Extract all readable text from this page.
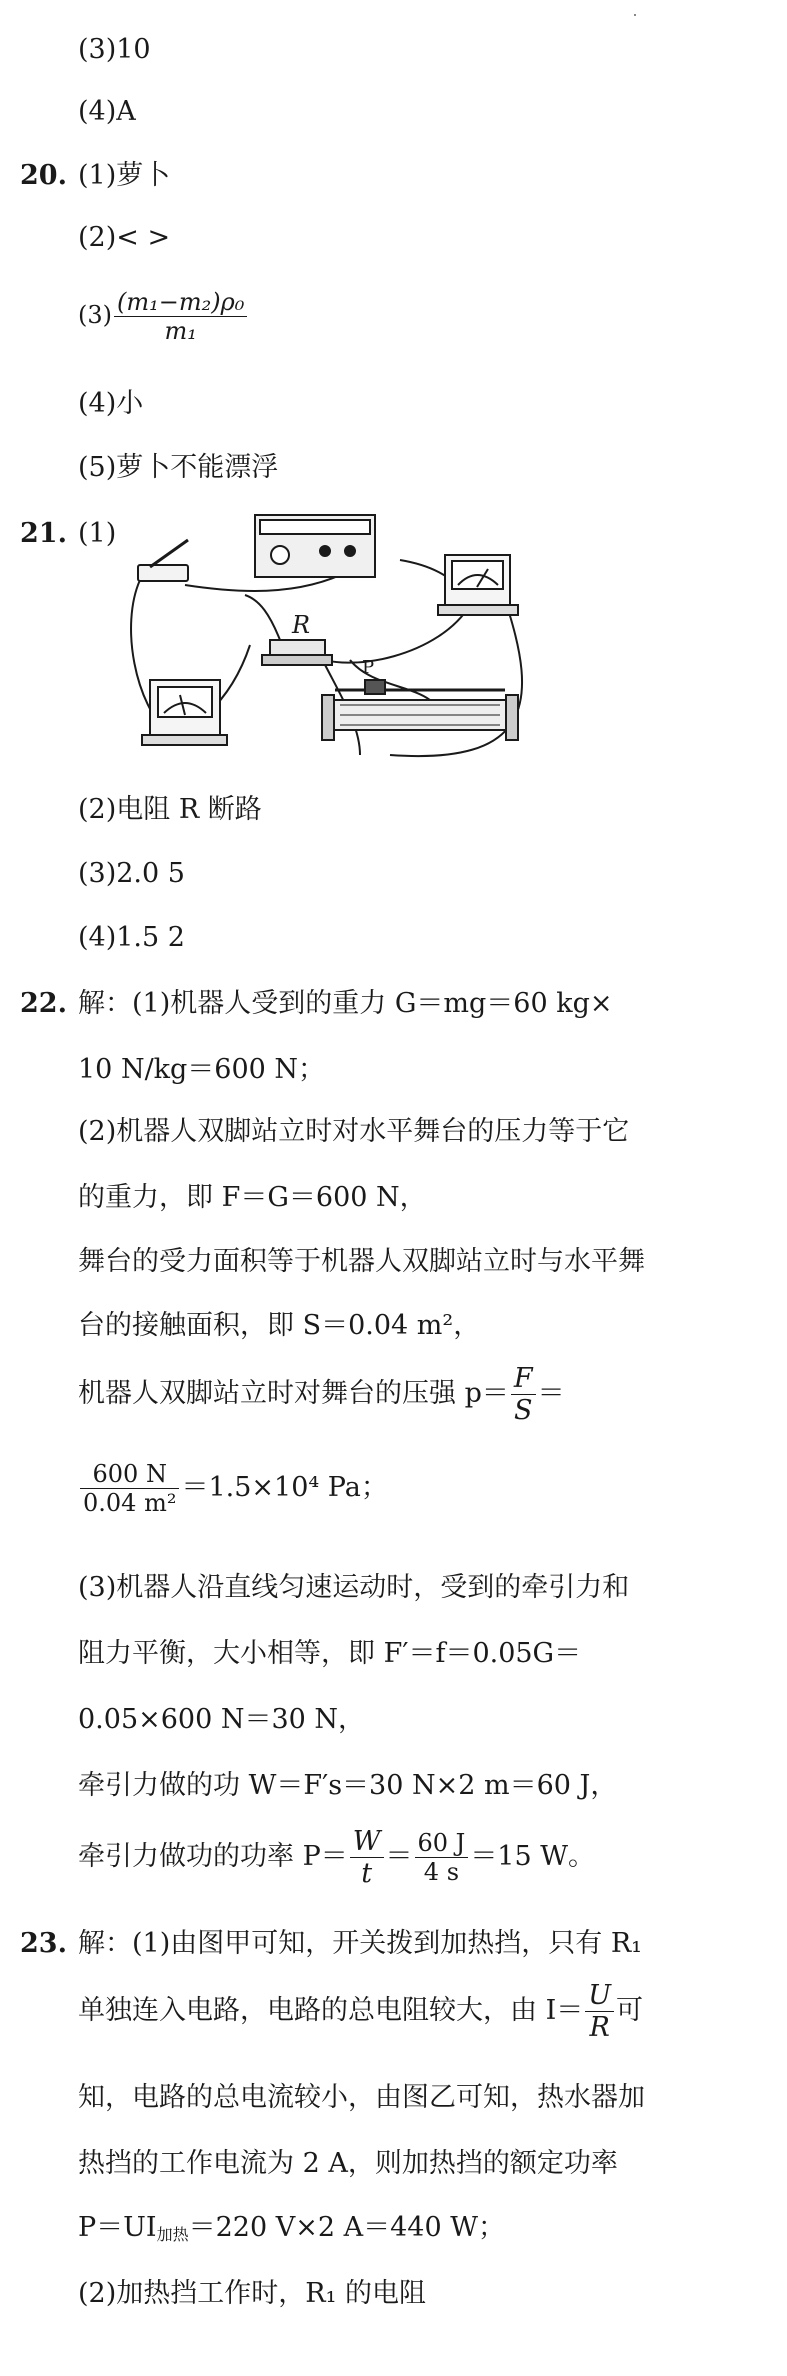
(3)10
(4)A
20. (1)萝卜
(2)< >
$(3) \frac{\text{(m₁−m₂)ρ₀}}{\text{m₁}}$
(4)小
(5)萝卜不能漂浮
21. (1)
R
P
(2)电阻 R 断路
(3)2.0 5
(4)1.5 2
22. 解：(1)机器人受到的重力 G＝mg＝60 kg×
10 N/kg＝600 N；
(2)机器人双脚站立时对水平舞台的压力等于它
的重力，即 F＝G＝600 N，
舞台的受力面积等于机器人双脚站立时与水平舞
台的接触面积，即 S＝0.04 m²，
机器人双脚站立时对舞台的压强 $p= \frac{F}{S}$ ＝
$\frac{600 N}{\text{0.04 m²}} =1.5\times 10^4$ Pa；
(3)机器人沿直线匀速运动时，受到的牵引力和
阻力平衡，大小相等，即 F′＝f＝0.05G＝
0.05×600 N＝30 N，
牵引力做的功 W＝F′s＝30 N×2 m＝60 J，
牵引力做功的功率 $P= \frac{W}{t} = \frac{60 J}{4 s} =15$ W。
23. 解：(1)由图甲可知，开关拨到加热挡，只有 R₁
单独连入电路，电路的总电阻较大，由 $I= \frac{U}{R}$ 可
知，电路的总电流较小，由图乙可知，热水器加
热挡的工作电流为 2 A，则加热挡的额定功率
$P=UI_{加热}=220$ V×2 A＝440 W；
(2)加热挡工作时，R₁ 的电阻
